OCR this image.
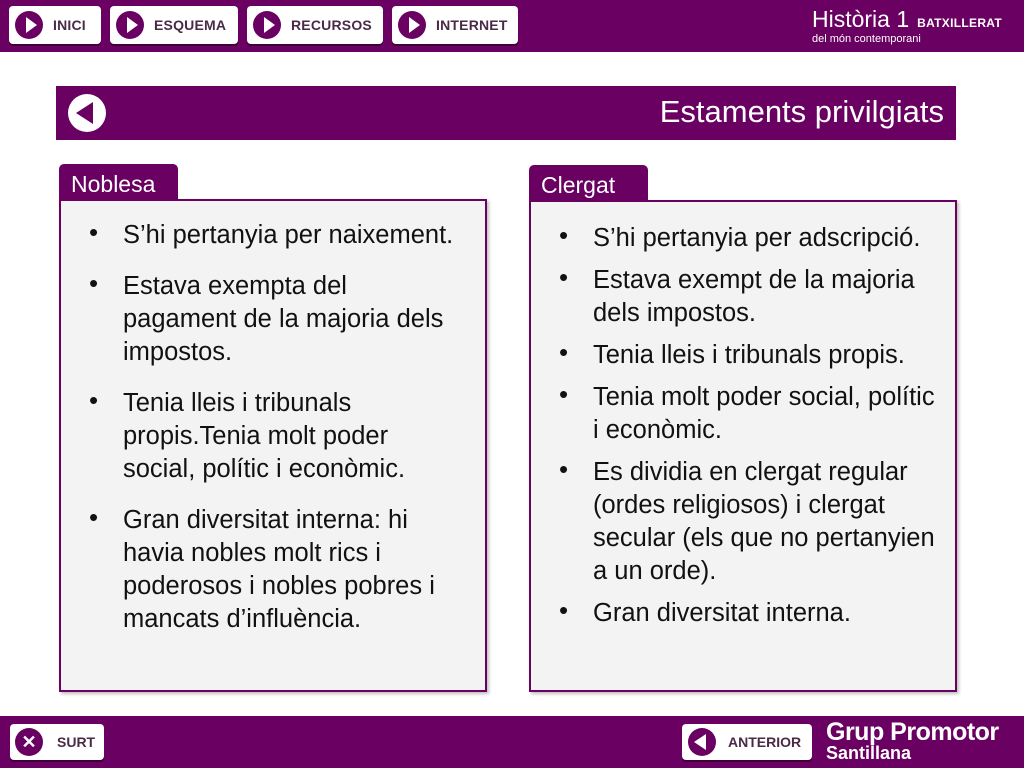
INICI	ESQUEMA	RECURSOS	INTERNET	Història 1 BATXILLERAT
del món contemporani
Estaments privilgiats
Noblesa
• S’hi pertanyia per naixement.
• Estava exempta del pagament de la majoria dels impostos.
• Tenia lleis i tribunals propis.Tenia molt poder social, polític i econòmic.
• Gran diversitat interna: hi havia nobles molt rics i poderosos i nobles pobres i mancats d’influència.
Clergat
• S’hi pertanyia per adscripció.
• Estava exempt de la majoria dels impostos.
• Tenia lleis i tribunals propis.
• Tenia molt poder social, polític i econòmic.
• Es dividia en clergat regular (ordes religiosos) i clergat secular (els que no pertanyien a un orde).
• Gran diversitat interna.
✕	SURT	ANTERIOR Grup Promotor
Santillana
